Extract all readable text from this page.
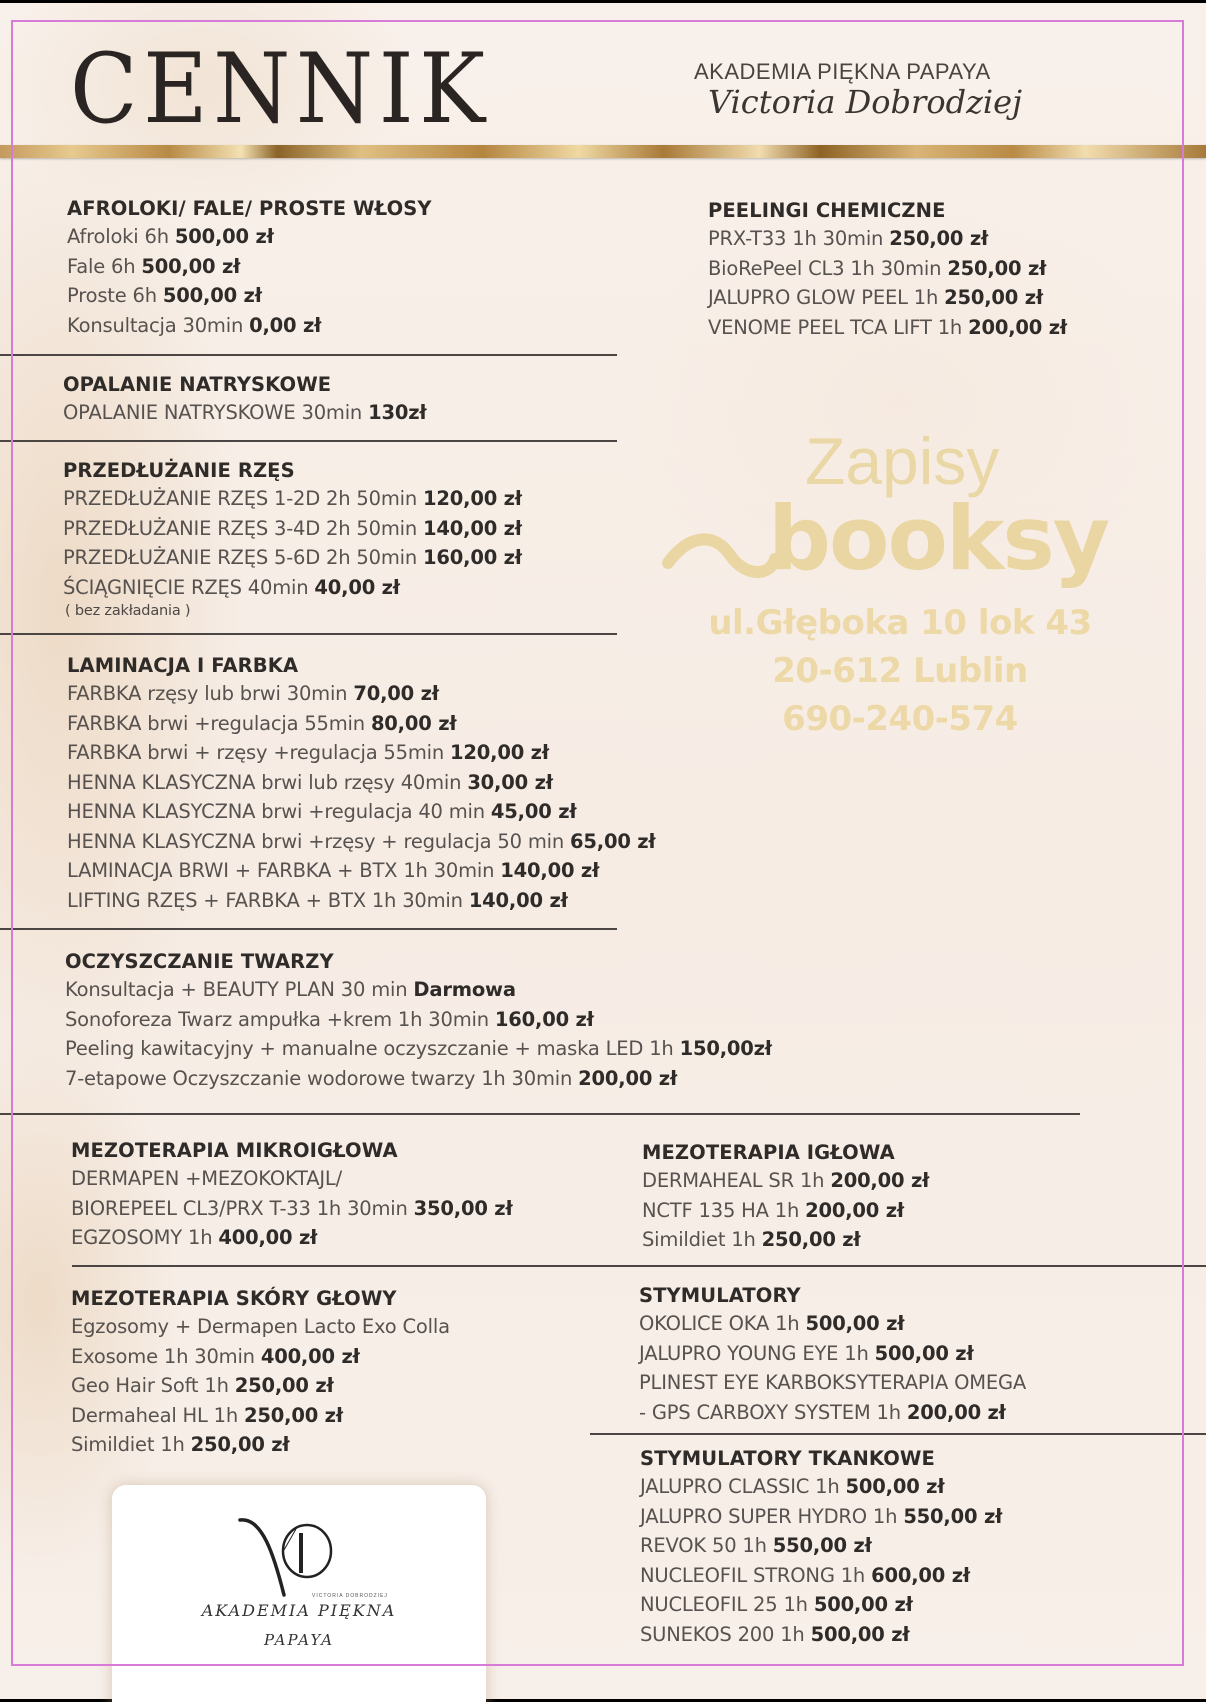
CENNIK	AKADEMIA PIĘKNA PAPAYA
Victoria Dobrodziej
AFROLOKI/ FALE/ PROSTE WŁOSY
Afroloki 6h 500,00 zł
Fale 6h 500,00 zł
Proste 6h 500,00 zł
Konsultacja 30min 0,00 zł
OPALANIE NATRYSKOWE
OPALANIE NATRYSKOWE 30min 130zł
PRZEDŁUŻANIE RZĘS
PRZEDŁUŻANIE RZĘS 1-2D 2h 50min 120,00 zł
PRZEDŁUŻANIE RZĘS 3-4D 2h 50min 140,00 zł
PRZEDŁUŻANIE RZĘS 5-6D 2h 50min 160,00 zł
ŚCIĄGNIĘCIE RZĘS 40min 40,00 zł
( bez zakładania )
LAMINACJA I FARBKA
FARBKA rzęsy lub brwi 30min 70,00 zł
FARBKA brwi +regulacja 55min 80,00 zł
FARBKA brwi + rzęsy +regulacja 55min 120,00 zł
HENNA KLASYCZNA brwi lub rzęsy 40min 30,00 zł
HENNA KLASYCZNA brwi +regulacja 40 min 45,00 zł
HENNA KLASYCZNA brwi +rzęsy + regulacja 50 min 65,00 zł
LAMINACJA BRWI + FARBKA + BTX 1h 30min 140,00 zł
LIFTING RZĘS + FARBKA + BTX 1h 30min 140,00 zł
OCZYSZCZANIE TWARZY
Konsultacja + BEAUTY PLAN 30 min Darmowa
Sonoforeza Twarz ampułka +krem 1h 30min 160,00 zł
Peeling kawitacyjny + manualne oczyszczanie + maska LED 1h 150,00zł
7-etapowe Oczyszczanie wodorowe twarzy 1h 30min 200,00 zł
PEELINGI CHEMICZNE
PRX-T33 1h 30min 250,00 zł
BioRePeel CL3 1h 30min 250,00 zł
JALUPRO GLOW PEEL 1h 250,00 zł
VENOME PEEL TCA LIFT 1h 200,00 zł
Zapisy
booksy
ul.Głęboka 10 lok 43
20-612 Lublin
690-240-574
MEZOTERAPIA MIKROIGŁOWA
DERMAPEN +MEZOKOKTAJL/
BIOREPEEL CL3/PRX T-33 1h 30min 350,00 zł
EGZOSOMY 1h 400,00 zł
MEZOTERAPIA IGŁOWA
DERMAHEAL SR 1h 200,00 zł
NCTF 135 HA 1h 200,00 zł
Simildiet 1h 250,00 zł
MEZOTERAPIA SKÓRY GŁOWY
Egzosomy + Dermapen Lacto Exo Colla
Exosome 1h 30min 400,00 zł
Geo Hair Soft 1h 250,00 zł
Dermaheal HL 1h 250,00 zł
Simildiet 1h 250,00 zł
STYMULATORY
OKOLICE OKA 1h 500,00 zł
JALUPRO YOUNG EYE 1h 500,00 zł
PLINEST EYE KARBOKSYTERAPIA OMEGA
- GPS CARBOXY SYSTEM 1h 200,00 zł
STYMULATORY TKANKOWE
JALUPRO CLASSIC 1h 500,00 zł
JALUPRO SUPER HYDRO 1h 550,00 zł
REVOK 50 1h 550,00 zł
NUCLEOFIL STRONG 1h 600,00 zł
NUCLEOFIL 25 1h 500,00 zł
SUNEKOS 200 1h 500,00 zł
VICTORIA DOBRODZIEJ
AKADEMIA PIĘKNA
PAPAYA
